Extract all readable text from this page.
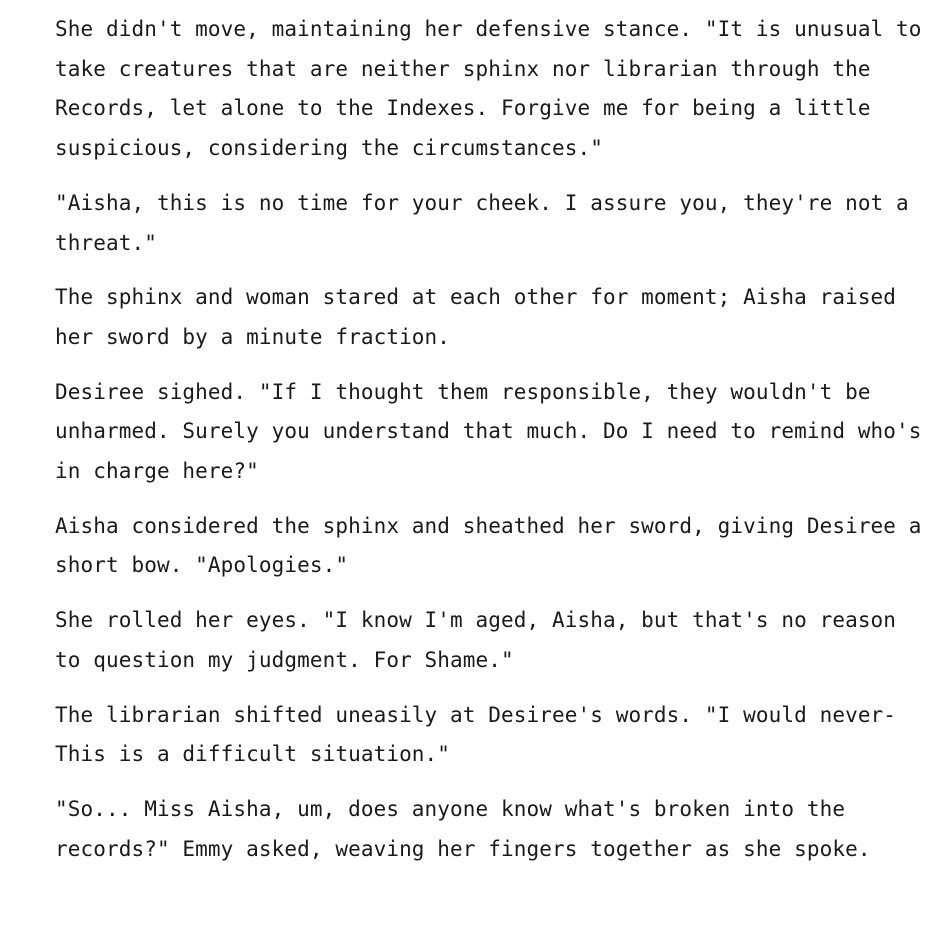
She didn't move, maintaining her defensive stance. "It is unusual to take creatures that are neither sphinx nor librarian through the Records, let alone to the Indexes. Forgive me for being a little suspicious, considering the circumstances."

"Aisha, this is no time for your cheek. I assure you, they're not a threat."

The sphinx and woman stared at each other for moment; Aisha raised her sword by a minute fraction.

Desiree sighed. "If I thought them responsible, they wouldn't be unharmed. Surely you understand that much. Do I need to remind who's in charge here?"

Aisha considered the sphinx and sheathed her sword, giving Desiree a short bow. "Apologies."

She rolled her eyes. "I know I'm aged, Aisha, but that's no reason to question my judgment. For Shame."

The librarian shifted uneasily at Desiree's words. "I would never- This is a difficult situation."

"So... Miss Aisha, um, does anyone know what's broken into the records?" Emmy asked, weaving her fingers together as she spoke.
